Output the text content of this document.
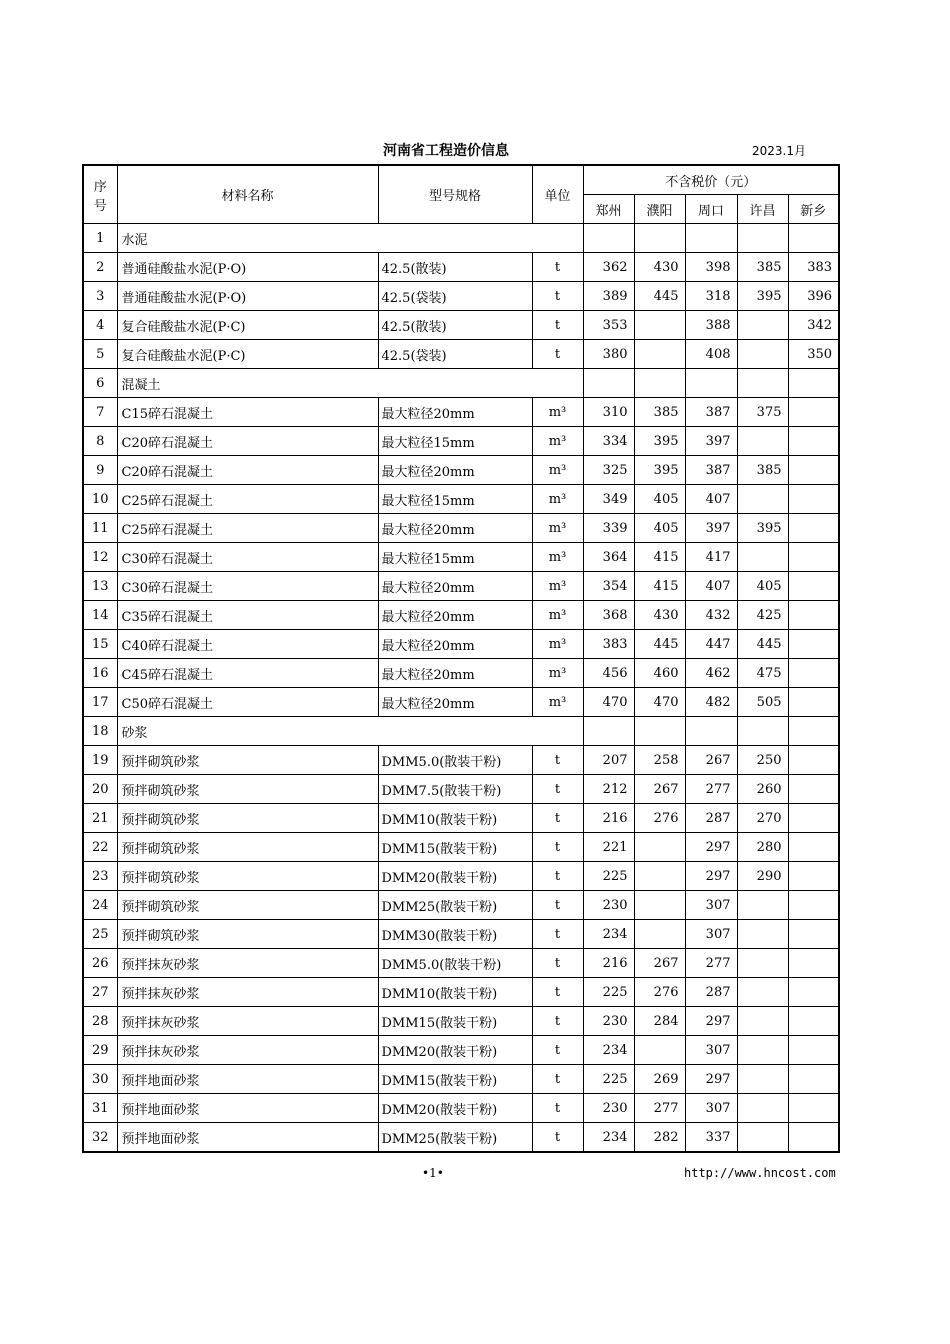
河南省工程造价信息	2023.1月
序号	材料名称	型号规格	单位	不含税价（元）				
				郑州	濮阳	周口	许昌	新乡
1	水泥							
2	普通硅酸盐水泥(P·O)	42.5(散装)	t	362	430	398	385	383
3	普通硅酸盐水泥(P·O)	42.5(袋装)	t	389	445	318	395	396
4	复合硅酸盐水泥(P·C)	42.5(散装)	t	353		388		342
5	复合硅酸盐水泥(P·C)	42.5(袋装)	t	380		408		350
6	混凝土							
7	C15碎石混凝土	最大粒径20mm	m³	310	385	387	375	
8	C20碎石混凝土	最大粒径15mm	m³	334	395	397		
9	C20碎石混凝土	最大粒径20mm	m³	325	395	387	385	
10	C25碎石混凝土	最大粒径15mm	m³	349	405	407		
11	C25碎石混凝土	最大粒径20mm	m³	339	405	397	395	
12	C30碎石混凝土	最大粒径15mm	m³	364	415	417		
13	C30碎石混凝土	最大粒径20mm	m³	354	415	407	405	
14	C35碎石混凝土	最大粒径20mm	m³	368	430	432	425	
15	C40碎石混凝土	最大粒径20mm	m³	383	445	447	445	
16	C45碎石混凝土	最大粒径20mm	m³	456	460	462	475	
17	C50碎石混凝土	最大粒径20mm	m³	470	470	482	505	
18	砂浆							
19	预拌砌筑砂浆	DMM5.0(散装干粉)	t	207	258	267	250	
20	预拌砌筑砂浆	DMM7.5(散装干粉)	t	212	267	277	260	
21	预拌砌筑砂浆	DMM10(散装干粉)	t	216	276	287	270	
22	预拌砌筑砂浆	DMM15(散装干粉)	t	221		297	280	
23	预拌砌筑砂浆	DMM20(散装干粉)	t	225		297	290	
24	预拌砌筑砂浆	DMM25(散装干粉)	t	230		307		
25	预拌砌筑砂浆	DMM30(散装干粉)	t	234		307		
26	预拌抹灰砂浆	DMM5.0(散装干粉)	t	216	267	277		
27	预拌抹灰砂浆	DMM10(散装干粉)	t	225	276	287		
28	预拌抹灰砂浆	DMM15(散装干粉)	t	230	284	297		
29	预拌抹灰砂浆	DMM20(散装干粉)	t	234		307		
30	预拌地面砂浆	DMM15(散装干粉)	t	225	269	297		
31	预拌地面砂浆	DMM20(散装干粉)	t	230	277	307		
32	预拌地面砂浆	DMM25(散装干粉)	t	234	282	337		
•1•	http://www.hncost.com
